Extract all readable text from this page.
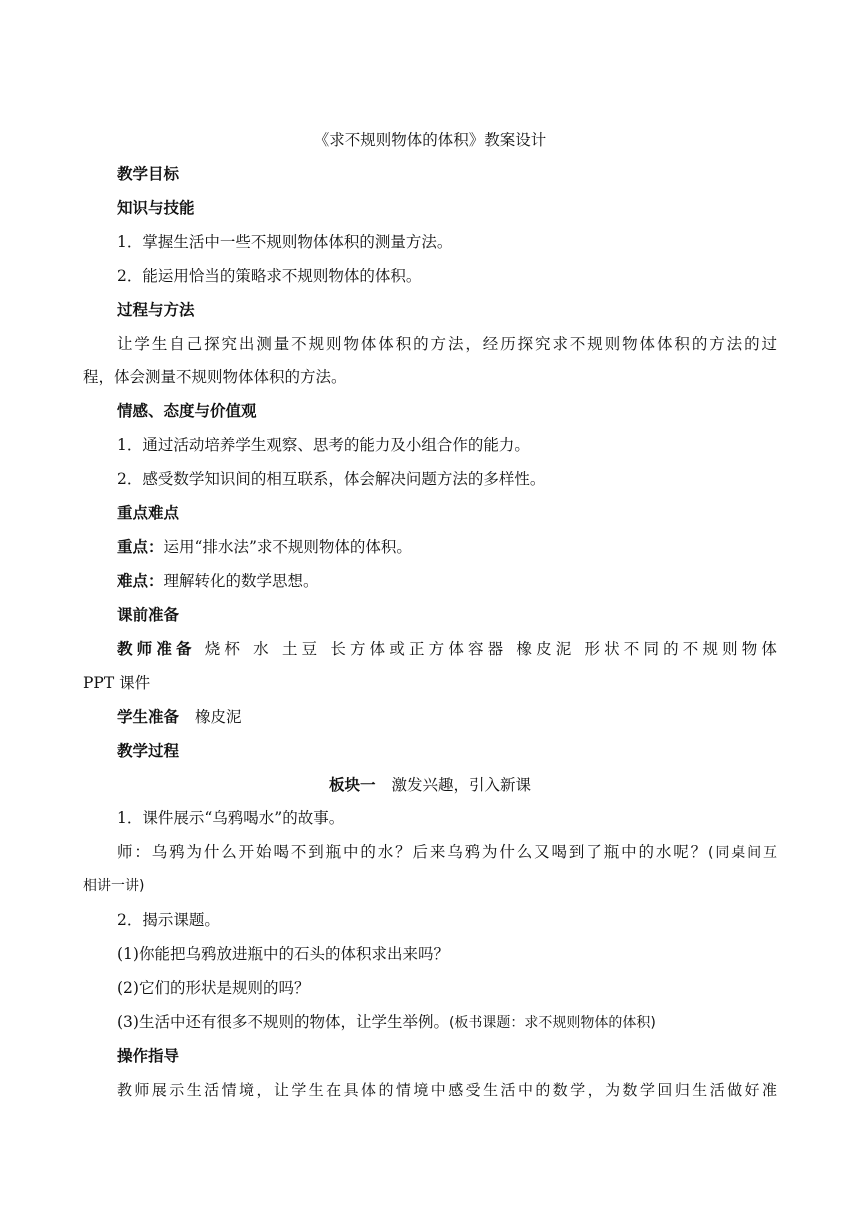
《求不规则物体的体积》教案设计
教学目标
知识与技能
1．掌握生活中一些不规则物体体积的测量方法。
2．能运用恰当的策略求不规则物体的体积。
过程与方法
让学生自己探究出测量不规则物体体积的方法，经历探究求不规则物体体积的方法的过
程，体会测量不规则物体体积的方法。
情感、态度与价值观
1．通过活动培养学生观察、思考的能力及小组合作的能力。
2．感受数学知识间的相互联系，体会解决问题方法的多样性。
重点难点
重点：运用“排水法”求不规则物体的体积。
难点：理解转化的数学思想。
课前准备
教师准备 烧杯 水 土豆 长方体或正方体容器 橡皮泥 形状不同的不规则物体
PPT 课件
学生准备 橡皮泥
教学过程
板块一 激发兴趣，引入新课
1．课件展示“乌鸦喝水”的故事。
师：乌鸦为什么开始喝不到瓶中的水？后来乌鸦为什么又喝到了瓶中的水呢？(同桌间互
相讲一讲)
2．揭示课题。
(1)你能把乌鸦放进瓶中的石头的体积求出来吗？
(2)它们的形状是规则的吗？
(3)生活中还有很多不规则的物体，让学生举例。(板书课题：求不规则物体的体积)
操作指导
教师展示生活情境，让学生在具体的情境中感受生活中的数学，为数学回归生活做好准
